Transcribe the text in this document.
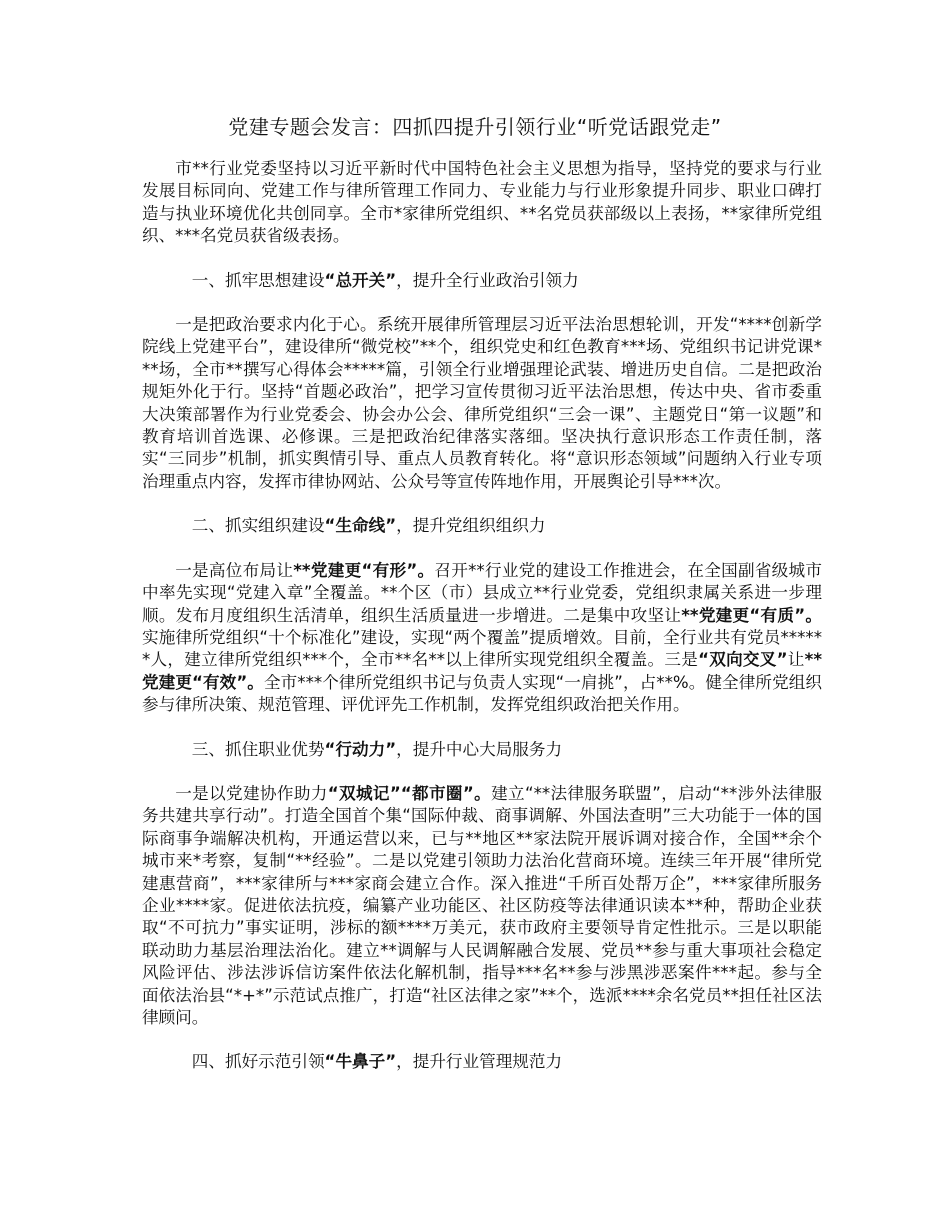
党建专题会发言：四抓四提升引领行业“听党话跟党走”

市**行业党委坚持以习近平新时代中国特色社会主义思想为指导，坚持党的要求与行业发展目标同向、党建工作与律所管理工作同力、专业能力与行业形象提升同步、职业口碑打造与执业环境优化共创同享。全市*家律所党组织、**名党员获部级以上表扬，**家律所党组织、***名党员获省级表扬。

一、抓牢思想建设“总开关”，提升全行业政治引领力

一是把政治要求内化于心。系统开展律所管理层习近平法治思想轮训，开发“****创新学院线上党建平台”，建设律所“微党校”**个，组织党史和红色教育***场、党组织书记讲党课***场，全市**撰写心得体会*****篇，引领全行业增强理论武装、增进历史自信。二是把政治规矩外化于行。坚持“首题必政治”，把学习宣传贯彻习近平法治思想，传达中央、省市委重大决策部署作为行业党委会、协会办公会、律所党组织“三会一课”、主题党日“第一议题”和教育培训首选课、必修课。三是把政治纪律落实落细。坚决执行意识形态工作责任制，落实“三同步”机制，抓实舆情引导、重点人员教育转化。将“意识形态领域”问题纳入行业专项治理重点内容，发挥市律协网站、公众号等宣传阵地作用，开展舆论引导***次。

二、抓实组织建设“生命线”，提升党组织组织力

一是高位布局让**党建更“有形”。召开**行业党的建设工作推进会，在全国副省级城市中率先实现“党建入章”全覆盖。**个区（市）县成立**行业党委，党组织隶属关系进一步理顺。发布月度组织生活清单，组织生活质量进一步增进。二是集中攻坚让**党建更“有质”。实施律所党组织“十个标准化”建设，实现“两个覆盖”提质增效。目前，全行业共有党员******人，建立律所党组织***个，全市**名**以上律所实现党组织全覆盖。三是“双向交叉”让**党建更“有效”。全市***个律所党组织书记与负责人实现“一肩挑”，占**%。健全律所党组织参与律所决策、规范管理、评优评先工作机制，发挥党组织政治把关作用。

三、抓住职业优势“行动力”，提升中心大局服务力

一是以党建协作助力“双城记”“都市圈”。建立“**法律服务联盟”，启动“**涉外法律服务共建共享行动”。打造全国首个集“国际仲裁、商事调解、外国法查明”三大功能于一体的国际商事争端解决机构，开通运营以来，已与**地区**家法院开展诉调对接合作，全国**余个城市来*考察，复制“**经验”。二是以党建引领助力法治化营商环境。连续三年开展“律所党建惠营商”，***家律所与***家商会建立合作。深入推进“千所百处帮万企”，***家律所服务企业****家。促进依法抗疫，编纂产业功能区、社区防疫等法律通识读本**种，帮助企业获取“不可抗力”事实证明，涉标的额****万美元，获市政府主要领导肯定性批示。三是以职能联动助力基层治理法治化。建立**调解与人民调解融合发展、党员**参与重大事项社会稳定风险评估、涉法涉诉信访案件依法化解机制，指导***名**参与涉黑涉恶案件***起。参与全面依法治县“*+*”示范试点推广，打造“社区法律之家”**个，选派****余名党员**担任社区法律顾问。

四、抓好示范引领“牛鼻子”，提升行业管理规范力
